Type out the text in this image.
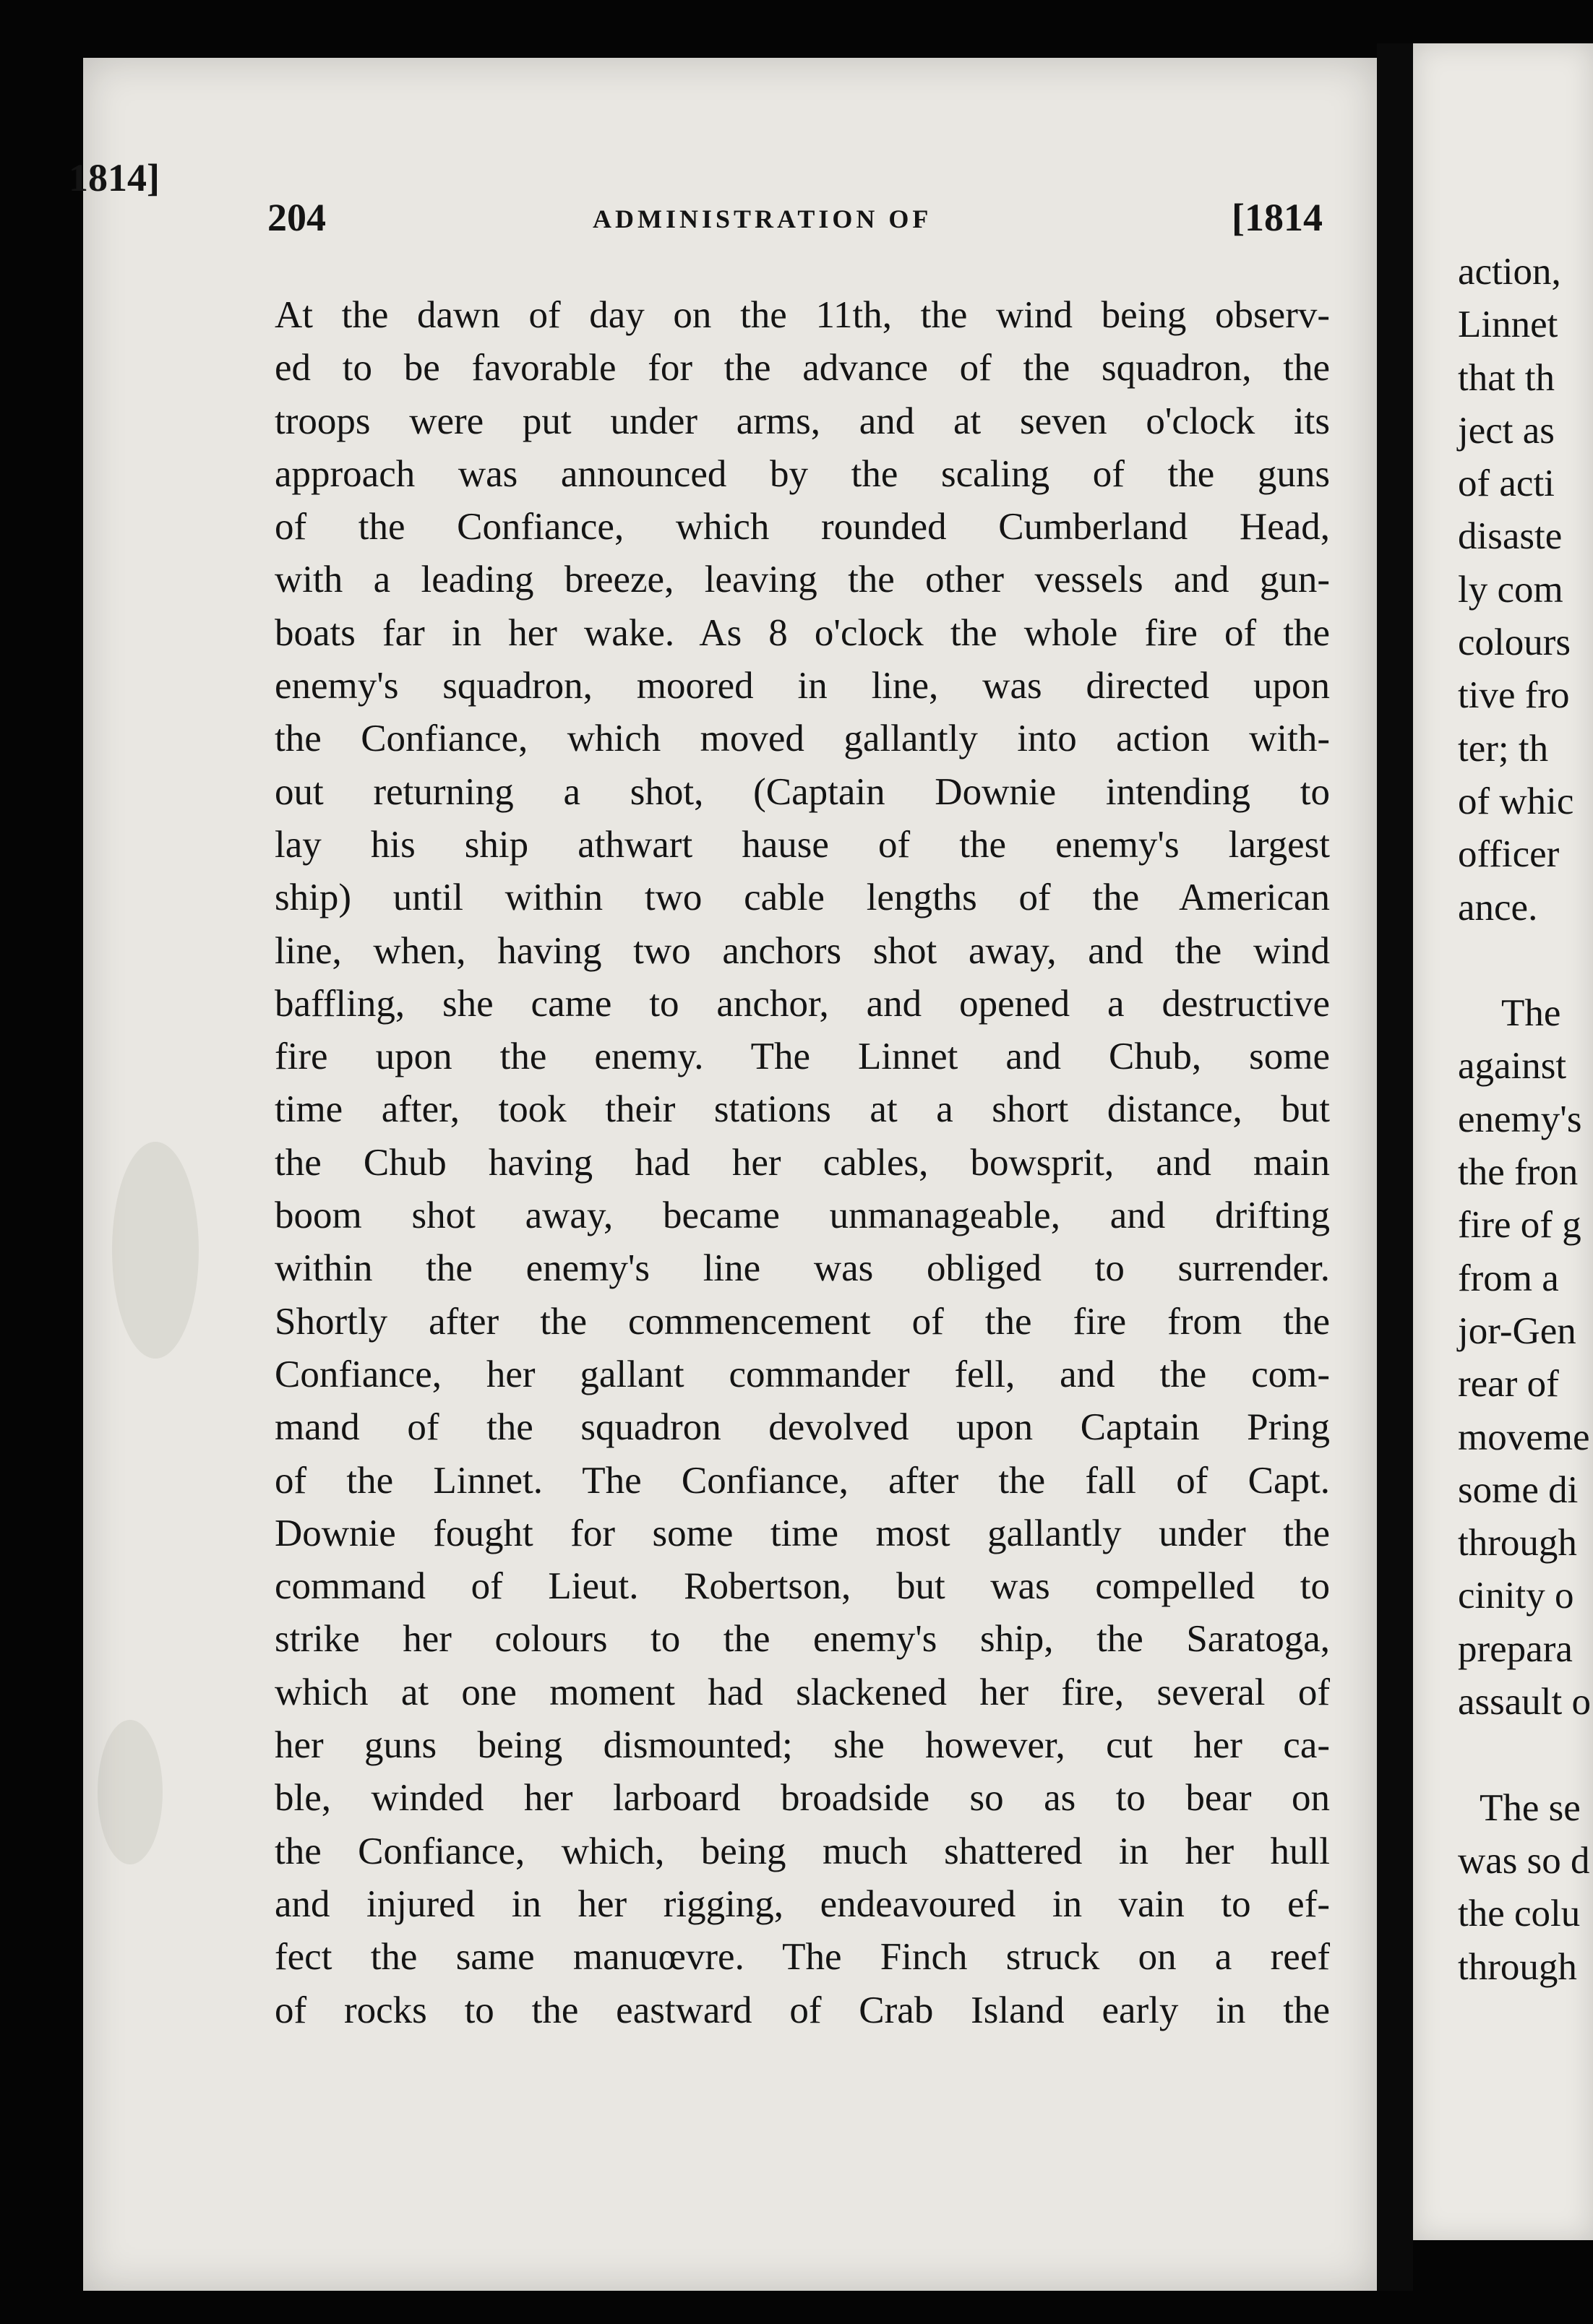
204	ADMINISTRATION OF	[1814
At the dawn of day on the 11th, the wind being observ-
ed to be favorable for the advance of the squadron, the
troops were put under arms, and at seven o'clock its
approach was announced by the scaling of the guns
of the Confiance, which rounded Cumberland Head,
with a leading breeze, leaving the other vessels and gun-
boats far in her wake. As 8 o'clock the whole fire of the
enemy's squadron, moored in line, was directed upon
the Confiance, which moved gallantly into action with-
out returning a shot, (Captain Downie intending to
lay his ship athwart hause of the enemy's largest
ship) until within two cable lengths of the American
line, when, having two anchors shot away, and the wind
baffling, she came to anchor, and opened a destructive
fire upon the enemy. The Linnet and Chub, some
time after, took their stations at a short distance, but
the Chub having had her cables, bowsprit, and main
boom shot away, became unmanageable, and drifting
within the enemy's line was obliged to surrender.
Shortly after the commencement of the fire from the
Confiance, her gallant commander fell, and the com-
mand of the squadron devolved upon Captain Pring
of the Linnet. The Confiance, after the fall of Capt.
Downie fought for some time most gallantly under the
command of Lieut. Robertson, but was compelled to
strike her colours to the enemy's ship, the Saratoga,
which at one moment had slackened her fire, several of
her guns being dismounted; she however, cut her ca-
ble, winded her larboard broadside so as to bear on
the Confiance, which, being much shattered in her hull
and injured in her rigging, endeavoured in vain to ef-
fect the same manuœvre. The Finch struck on a reef
of rocks to the eastward of Crab Island early in the
1814]
action,
Linnet
that th
ject as
of acti
disaste
ly com
colours
tive fro
ter; th
of whic
officer
ance.
The
against
enemy's
the fron
fire of g
from a
jor-Gen
rear of
moveme
some di
through
cinity o
prepara
assault o
The se
was so d
the colu
through
